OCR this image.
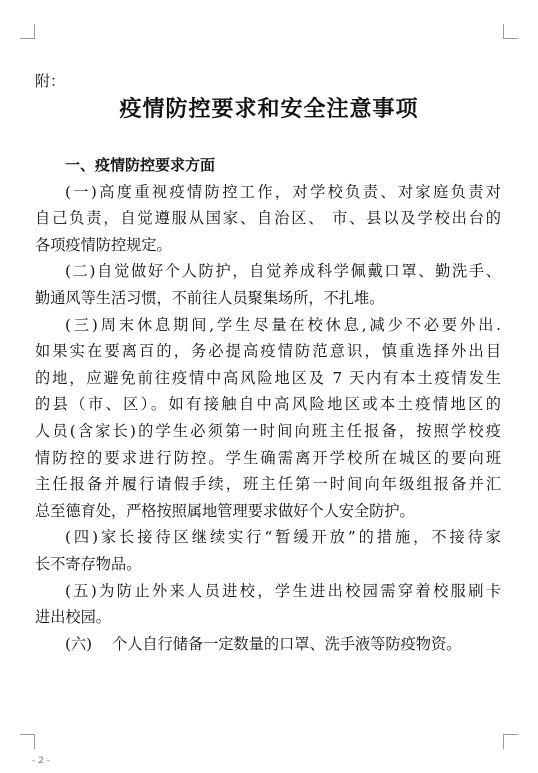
附：
疫情防控要求和安全注意事项
一、疫情防控要求方面
(一)高度重视疫情防控工作，对学校负责、对家庭负责对
自己负责，自觉遵服从国家、自治区、 市、县以及学校出台的
各项疫情防控规定。
(二)自觉做好个人防护，自觉养成科学佩戴口罩、勤洗手、
勤通风等生活习惯，不前往人员聚集场所，不扎堆。
(三)周末休息期间,学生尽量在校休息,减少不必要外出.
如果实在要离百的，务必提高疫情防范意识，慎重选择外出目
的地，应避免前往疫情中高风险地区及 7 天内有本土疫情发生
的县（市、区）。如有接触自中高风险地区或本土疫情地区的
人员(含家长)的学生必须第一时间向班主任报备，按照学校疫
情防控的要求进行防控。学生确需离开学校所在城区的要向班
主任报备并履行请假手续，班主任第一时间向年级组报备并汇
总至德育处，严格按照属地管理要求做好个人安全防护。
(四)家长接待区继续实行“暂缓开放”的措施，不接待家
长不寄存物品。
(五)为防止外来人员进校，学生进出校园需穿着校服刷卡
进出校园。
(六)　 个人自行储备一定数量的口罩、洗手液等防疫物资。
- 2 -
